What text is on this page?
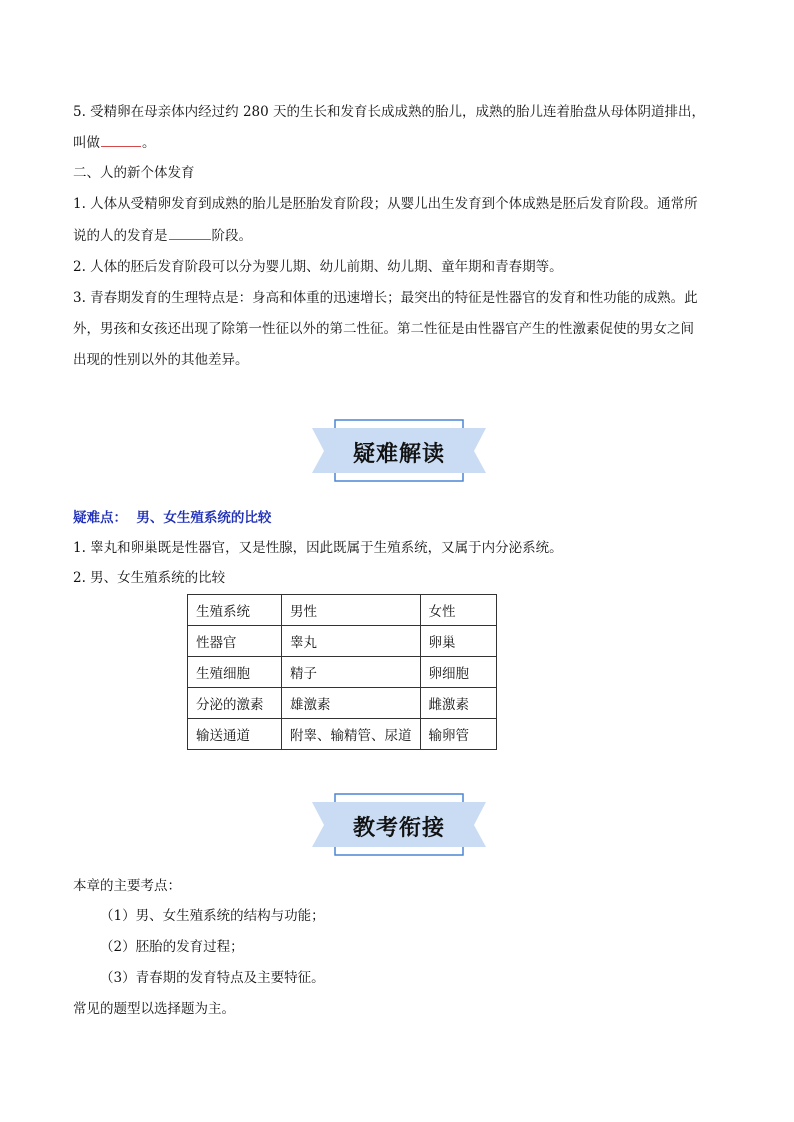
5. 受精卵在母亲体内经过约 280 天的生长和发育长成成熟的胎儿，成熟的胎儿连着胎盘从母体阴道排出，
叫做	。
二、人的新个体发育
1. 人体从受精卵发育到成熟的胎儿是胚胎发育阶段；从婴儿出生发育到个体成熟是胚后发育阶段。通常所
说的人的发育是	阶段。
2. 人体的胚后发育阶段可以分为婴儿期、幼儿前期、幼儿期、童年期和青春期等。
3. 青春期发育的生理特点是：身高和体重的迅速增长；最突出的特征是性器官的发育和性功能的成熟。此
外，男孩和女孩还出现了除第一性征以外的第二性征。第二性征是由性器官产生的性激素促使的男女之间
出现的性别以外的其他差异。
疑难解读
疑难点： 男、女生殖系统的比较
1. 睾丸和卵巢既是性器官，又是性腺，因此既属于生殖系统，又属于内分泌系统。
2. 男、女生殖系统的比较
生殖系统	男性	女性
性器官	睾丸	卵巢
生殖细胞	精子	卵细胞
分泌的激素	雄激素	雌激素
输送通道	附睾、输精管、尿道	输卵管
教考衔接
本章的主要考点：
（1）男、女生殖系统的结构与功能；
（2）胚胎的发育过程；
（3）青春期的发育特点及主要特征。
常见的题型以选择题为主。
